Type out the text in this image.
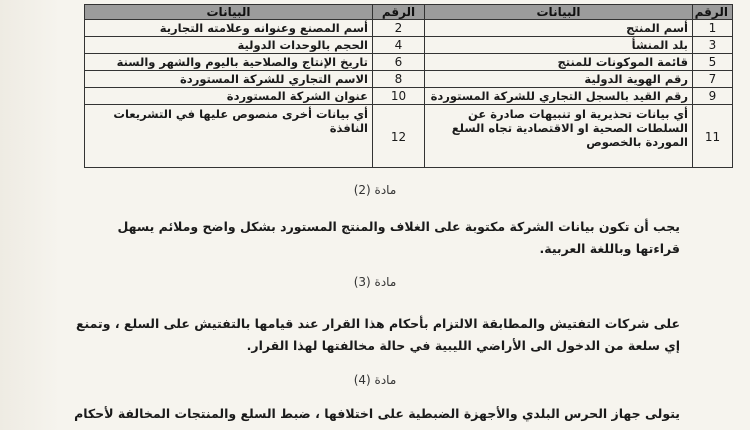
الرقم	البيانات	الرقم	البيانات
1	أسم المنتج	2	أسم المصنع وعنوانه وعلامته التجارية
3	بلد المنشأ	4	الحجم بالوحدات الدولية
5	قائمة الموكونات للمنتج	6	تاريخ الإنتاج والصلاحية باليوم والشهر والسنة
7	رقم الهوية الدولية	8	الاسم التجاري للشركة المستوردة
9	رقم القيد بالسجل التجاري للشركة المستوردة	10	عنوان الشركة المستوردة
11	أي بيانات تحذيرية او تنبيهات صادرة عن السلطات الصحية او الاقتصادية تجاه السلع الموردة بالخصوص	12	أي بيانات أخرى منصوص عليها في التشريعات النافذة
مادة (2)
يجب أن تكون بيانات الشركة مكتوبة على الغلاف والمنتج المستورد بشكل واضح وملائم يسهل قراءتها وباللغة العربية.
مادة (3)
على شركات التفتيش والمطابقة الالتزام بأحكام هذا القرار عند قيامها بالتفتيش على السلع ، وتمنع إي سلعة من الدخول الى الأراضي الليبية في حالة مخالفتها لهذا القرار.
مادة (4)
يتولى جهاز الحرس البلدي والأجهزة الضبطية على اختلافها ، ضبط السلع والمنتجات المخالفة لأحكام
